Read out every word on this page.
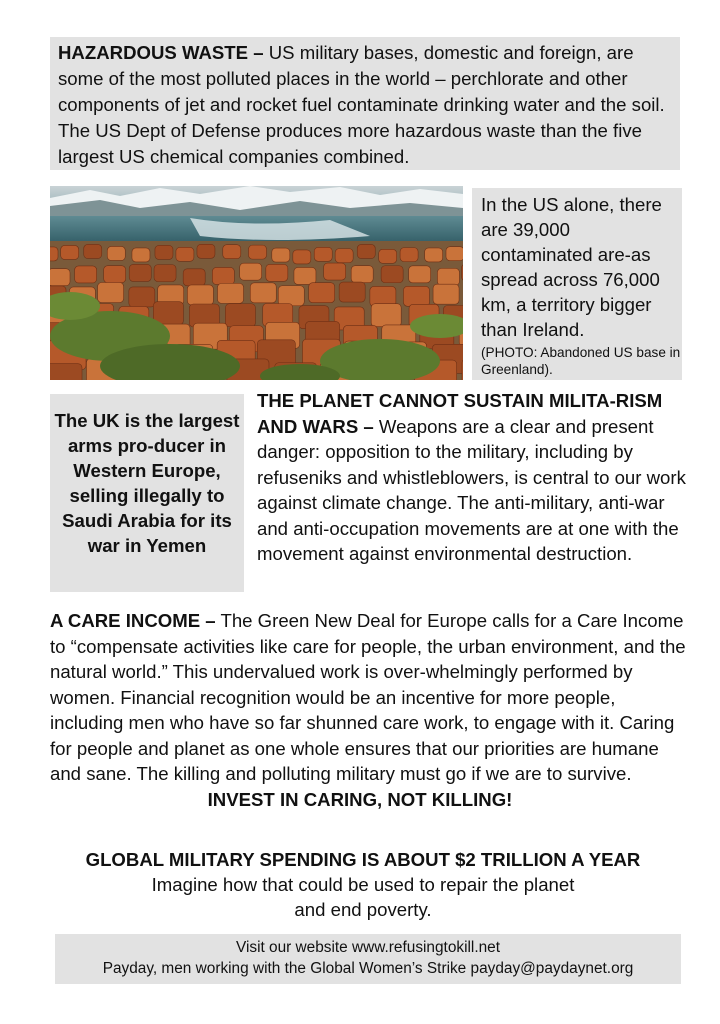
HAZARDOUS WASTE – US military bases, domestic and foreign, are some of the most polluted places in the world – perchlorate and other components of jet and rocket fuel contaminate drinking water and the soil. The US Dept of Defense produces more hazardous waste than the five largest US chemical companies combined.
In the US alone, there are 39,000 contaminated are-as spread across 76,000 km, a territory bigger than Ireland.
(PHOTO: Abandoned US base in Greenland).
The UK is the largest arms pro-ducer in Western Europe, selling illegally to Saudi Arabia for its war in Yemen
THE PLANET CANNOT SUSTAIN MILITA-RISM AND WARS – Weapons are a clear and present danger: opposition to the military, including by refuseniks and whistleblowers, is central to our work against climate change. The anti-military, anti-war and anti-occupation movements are at one with the movement against environmental destruction.
A CARE INCOME – The Green New Deal for Europe calls for a Care Income to “compensate activities like care for people, the urban environment, and the natural world.” This undervalued work is over-whelmingly performed by women. Financial recognition would be an incentive for more people, including men who have so far shunned care work, to engage with it. Caring for people and planet as one whole ensures that our priorities are humane and sane. The killing and polluting military must go if we are to survive.
INVEST IN CARING, NOT KILLING!
GLOBAL MILITARY SPENDING IS ABOUT $2 TRILLION A YEAR
Imagine how that could be used to repair the planet
and end poverty.
Visit our website www.refusingtokill.net
Payday, men working with the Global Women’s Strike payday@paydaynet.org
